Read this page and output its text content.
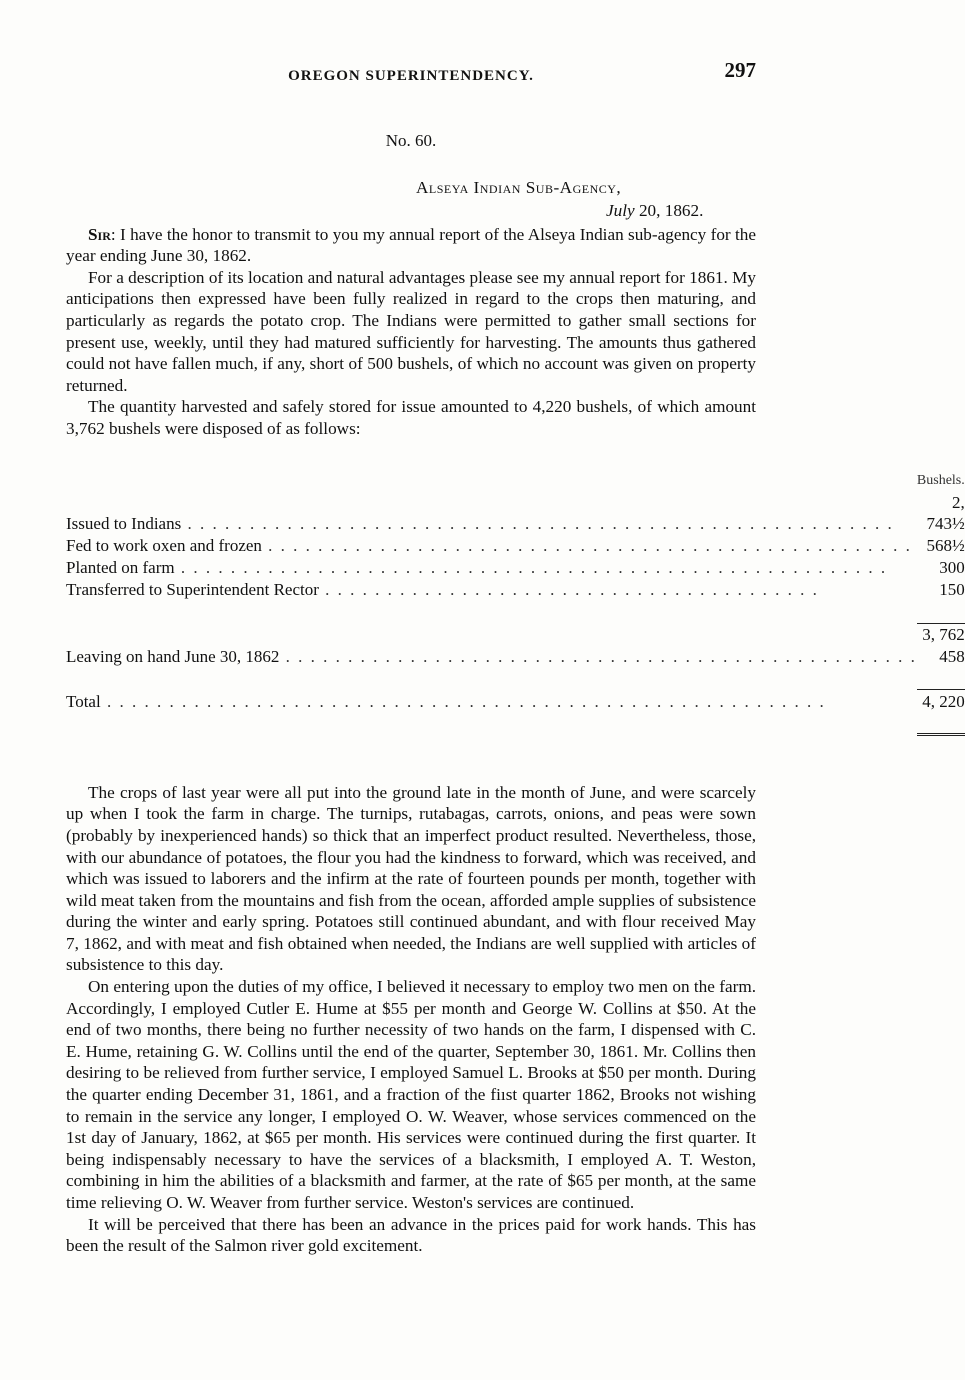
OREGON SUPERINTENDENCY.	297
No. 60.
Alseya Indian Sub-Agency,
July 20, 1862.

Sir: I have the honor to transmit to you my annual report of the Alseya Indian sub-agency for the year ending June 30, 1862.

For a description of its location and natural advantages please see my annual report for 1861. My anticipations then expressed have been fully realized in regard to the crops then maturing, and particularly as regards the potato crop. The Indians were permitted to gather small sections for present use, weekly, until they had matured sufficiently for harvesting. The amounts thus gathered could not have fallen much, if any, short of 500 bushels, of which no account was given on property returned.

The quantity harvested and safely stored for issue amounted to 4,220 bushels, of which amount 3,762 bushels were disposed of as follows:

	Bushels.
Issued to Indians . . . . . . . . . . . . . . . . . . . . . . . . . . . . . . . . . . . . . . . . . . . . . . . . . . . . . . . . .	2, 743½
Fed to work oxen and frozen . . . . . . . . . . . . . . . . . . . . . . . . . . . . . . . . . . . . . . . . . . . . . . . . . . . .	568½
Planted on farm . . . . . . . . . . . . . . . . . . . . . . . . . . . . . . . . . . . . . . . . . . . . . . . . . . . . . . . . .	300
Transferred to Superintendent Rector . . . . . . . . . . . . . . . . . . . . . . . . . . . . . . . . . . . . . . . .	150

	3, 762
Leaving on hand June 30, 1862 . . . . . . . . . . . . . . . . . . . . . . . . . . . . . . . . . . . . . . . . . . . . . . . . . . .	458

Total . . . . . . . . . . . . . . . . . . . . . . . . . . . . . . . . . . . . . . . . . . . . . . . . . . . . . . . . . .	4, 220

The crops of last year were all put into the ground late in the month of June, and were scarcely up when I took the farm in charge. The turnips, rutabagas, carrots, onions, and peas were sown (probably by inexperienced hands) so thick that an imperfect product resulted. Nevertheless, those, with our abundance of potatoes, the flour you had the kindness to forward, which was received, and which was issued to laborers and the infirm at the rate of fourteen pounds per month, together with wild meat taken from the mountains and fish from the ocean, afforded ample supplies of subsistence during the winter and early spring. Potatoes still continued abundant, and with flour received May 7, 1862, and with meat and fish obtained when needed, the Indians are well supplied with articles of subsistence to this day.

On entering upon the duties of my office, I believed it necessary to employ two men on the farm. Accordingly, I employed Cutler E. Hume at $55 per month and George W. Collins at $50. At the end of two months, there being no further necessity of two hands on the farm, I dispensed with C. E. Hume, retaining G. W. Collins until the end of the quarter, September 30, 1861. Mr. Collins then desiring to be relieved from further service, I employed Samuel L. Brooks at $50 per month. During the quarter ending December 31, 1861, and a fraction of the fiıst quarter 1862, Brooks not wishing to remain in the service any longer, I employed O. W. Weaver, whose services commenced on the 1st day of January, 1862, at $65 per month. His services were continued during the first quarter. It being indispensably necessary to have the services of a blacksmith, I employed A. T. Weston, combining in him the abilities of a blacksmith and farmer, at the rate of $65 per month, at the same time relieving O. W. Weaver from further service. Weston's services are continued.

It will be perceived that there has been an advance in the prices paid for work hands. This has been the result of the Salmon river gold excitement.
